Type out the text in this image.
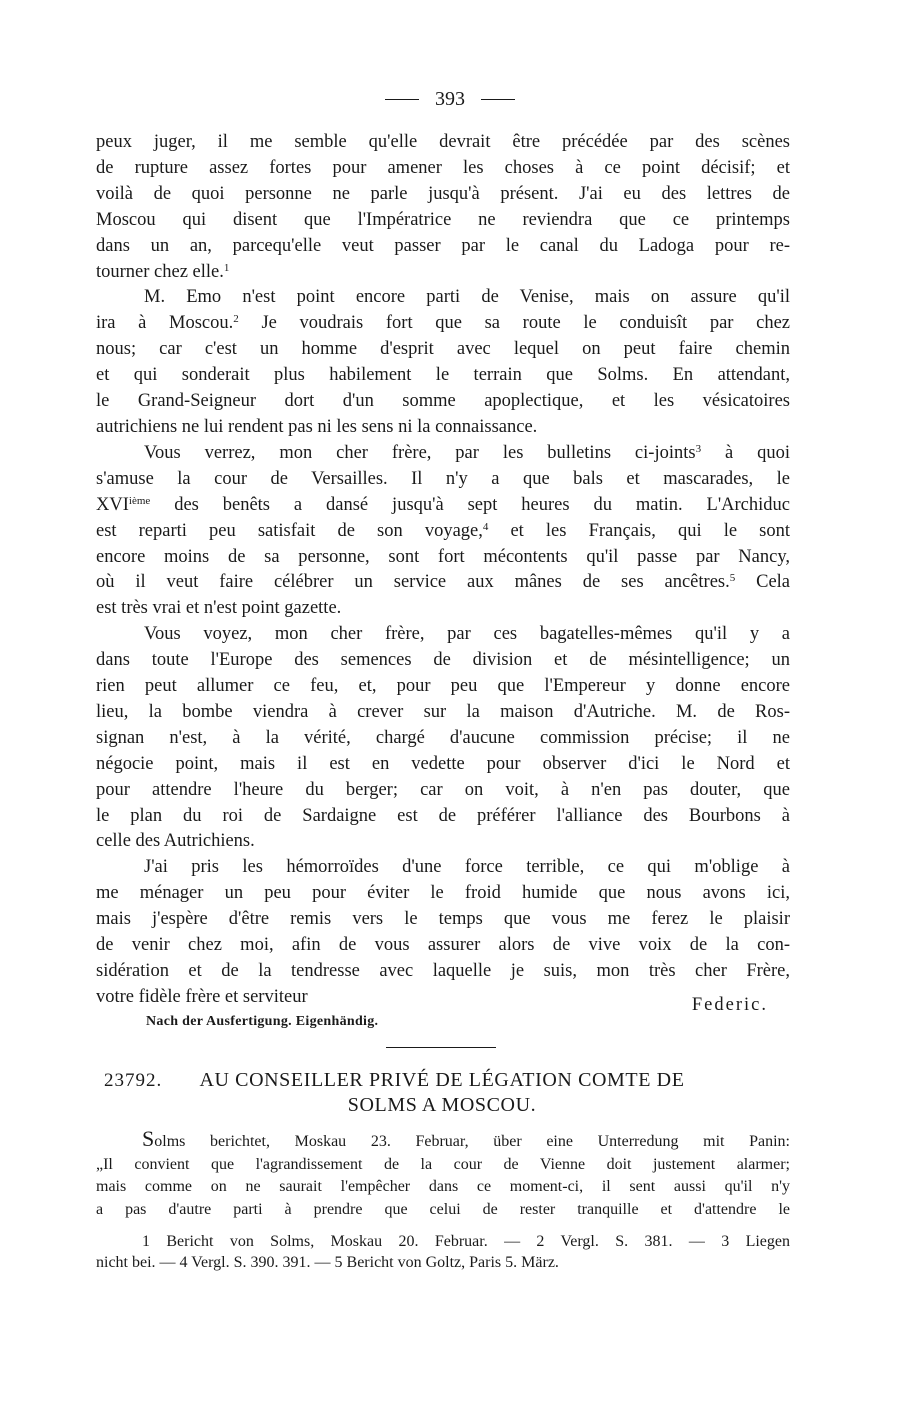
393
peux juger, il me semble qu'elle devrait être précédée par des scènes
de rupture assez fortes pour amener les choses à ce point décisif; et
voilà de quoi personne ne parle jusqu'à présent. J'ai eu des lettres de
Moscou qui disent que l'Impératrice ne reviendra que ce printemps
dans un an, parcequ'elle veut passer par le canal du Ladoga pour re-
tourner chez elle.$^1$
M. Emo n'est point encore parti de Venise, mais on assure qu'il
ira à Moscou.$^2$ Je voudrais fort que sa route le conduisît par chez
nous; car c'est un homme d'esprit avec lequel on peut faire chemin
et qui sonderait plus habilement le terrain que Solms. En attendant,
le Grand-Seigneur dort d'un somme apoplectique, et les vésicatoires
autrichiens ne lui rendent pas ni les sens ni la connaissance.
Vous verrez, mon cher frère, par les bulletins ci-joints$^3$ à quoi
s'amuse la cour de Versailles. Il n'y a que bals et mascarades, le
XVIième des benêts a dansé jusqu'à sept heures du matin. L'Archiduc
est reparti peu satisfait de son voyage,$^4$ et les Français, qui le sont
encore moins de sa personne, sont fort mécontents qu'il passe par Nancy,
où il veut faire célébrer un service aux mânes de ses ancêtres.$^5$ Cela
est très vrai et n'est point gazette.
Vous voyez, mon cher frère, par ces bagatelles-mêmes qu'il y a
dans toute l'Europe des semences de division et de mésintelligence; un
rien peut allumer ce feu, et, pour peu que l'Empereur y donne encore
lieu, la bombe viendra à crever sur la maison d'Autriche. M. de Ros-
signan n'est, à la vérité, chargé d'aucune commission précise; il ne
négocie point, mais il est en vedette pour observer d'ici le Nord et
pour attendre l'heure du berger; car on voit, à n'en pas douter, que
le plan du roi de Sardaigne est de préférer l'alliance des Bourbons à
celle des Autrichiens.
J'ai pris les hémorroïdes d'une force terrible, ce qui m'oblige à
me ménager un peu pour éviter le froid humide que nous avons ici,
mais j'espère d'être remis vers le temps que vous me ferez le plaisir
de venir chez moi, afin de vous assurer alors de vive voix de la con-
sidération et de la tendresse avec laquelle je suis, mon très cher Frère,
votre fidèle frère et serviteur	Federic.
Nach der Ausfertigung. Eigenhändig.
23792.	AU CONSEILLER PRIVÉ DE LÉGATION COMTE DE
SOLMS A MOSCOU.
Solms berichtet, Moskau 23. Februar, über eine Unterredung mit Panin:
„Il convient que l'agrandissement de la cour de Vienne doit justement alarmer;
mais comme on ne saurait l'empêcher dans ce moment-ci, il sent aussi qu'il n'y
a pas d'autre parti à prendre que celui de rester tranquille et d'attendre le
1 Bericht von Solms, Moskau 20. Februar. — 2 Vergl. S. 381. — 3 Liegen
nicht bei. — 4 Vergl. S. 390. 391. — 5 Bericht von Goltz, Paris 5. März.
